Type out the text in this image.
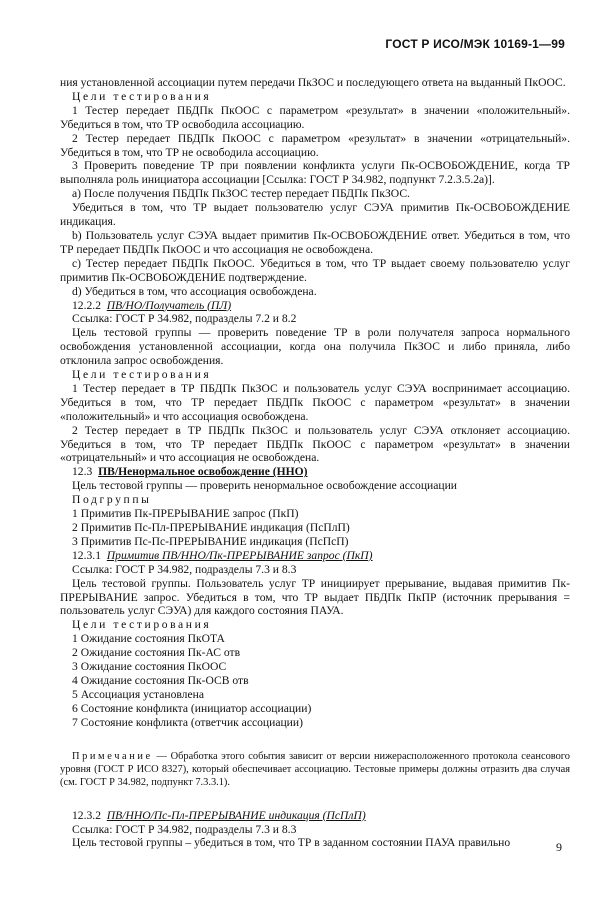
ГОСТ Р ИСО/МЭК 10169-1—99

ния установленной ассоциации путем передачи ПкЗОС и последующего ответа на выданный ПкООС.

Цели тестирования

1 Тестер передает ПБДПк ПкООС с параметром «результат» в значении «положительный». Убедиться в том, что ТР освободила ассоциацию.

2 Тестер передает ПБДПк ПкООС с параметром «результат» в значении «отрицательный». Убедиться в том, что ТР не освободила ассоциацию.

3 Проверить поведение ТР при появлении конфликта услуги Пк-ОСВОБОЖДЕНИЕ, когда ТР выполняла роль инициатора ассоциации [Ссылка: ГОСТ Р 34.982, подпункт 7.2.3.5.2а)].

a) После получения ПБДПк ПкЗОС тестер передает ПБДПк ПкЗОС.

Убедиться в том, что ТР выдает пользователю услуг СЭУА примитив Пк-ОСВОБОЖДЕНИЕ индикация.

b) Пользователь услуг СЭУА выдает примитив Пк-ОСВОБОЖДЕНИЕ ответ. Убедиться в том, что ТР передает ПБДПк ПкООС и что ассоциация не освобождена.

c) Тестер передает ПБДПк ПкООС. Убедиться в том, что ТР выдает своему пользователю услуг примитив Пк-ОСВОБОЖДЕНИЕ подтверждение.

d) Убедиться в том, что ассоциация освобождена.

12.2.2 ПВ/НО/Получатель (ПЛ)

Ссылка: ГОСТ Р 34.982, подразделы 7.2 и 8.2

Цель тестовой группы — проверить поведение ТР в роли получателя запроса нормального освобождения установленной ассоциации, когда она получила ПкЗОС и либо приняла, либо отклонила запрос освобождения.

Цели тестирования

1 Тестер передает в ТР ПБДПк ПкЗОС и пользователь услуг СЭУА воспринимает ассоциацию. Убедиться в том, что ТР передает ПБДПк ПкООС с параметром «результат» в значении «положительный» и что ассоциация освобождена.

2 Тестер передает в ТР ПБДПк ПкЗОС и пользователь услуг СЭУА отклоняет ассоциацию. Убедиться в том, что ТР передает ПБДПк ПкООС с параметром «результат» в значении «отрицательный» и что ассоциация не освобождена.

12.3 ПВ/Ненормальное освобождение (ННО)

Цель тестовой группы — проверить ненормальное освобождение ассоциации

Подгруппы

1 Примитив Пк-ПРЕРЫВАНИЕ запрос (ПкП)

2 Примитив Пс-Пл-ПРЕРЫВАНИЕ индикация (ПсПлП)

3 Примитив Пс-Пс-ПРЕРЫВАНИЕ индикация (ПсПсП)

12.3.1 Примитив ПВ/ННО/Пк-ПРЕРЫВАНИЕ запрос (ПкП)

Ссылка: ГОСТ Р 34.982, подразделы 7.3 и 8.3

Цель тестовой группы. Пользователь услуг ТР инициирует прерывание, выдавая примитив Пк-ПРЕРЫВАНИЕ запрос. Убедиться в том, что ТР выдает ПБДПк ПкПР (источник прерывания = пользователь услуг СЭУА) для каждого состояния ПАУА.

Цели тестирования

1 Ожидание состояния ПкОТА

2 Ожидание состояния Пк-АС отв

3 Ожидание состояния ПкООС

4 Ожидание состояния Пк-ОСВ отв

5 Ассоциация установлена

6 Состояние конфликта (инициатор ассоциации)

7 Состояние конфликта (ответчик ассоциации)

Примечание — Обработка этого события зависит от версии нижерасположенного протокола сеансового уровня (ГОСТ Р ИСО 8327), который обеспечивает ассоциацию. Тестовые примеры должны отразить два случая (см. ГОСТ Р 34.982, подпункт 7.3.3.1).

12.3.2 ПВ/ННО/Пс-Пл-ПРЕРЫВАНИЕ индикация (ПсПлП)

Ссылка: ГОСТ Р 34.982, подразделы 7.3 и 8.3

Цель тестовой группы – убедиться в том, что ТР в заданном состоянии ПАУА правильно	9
